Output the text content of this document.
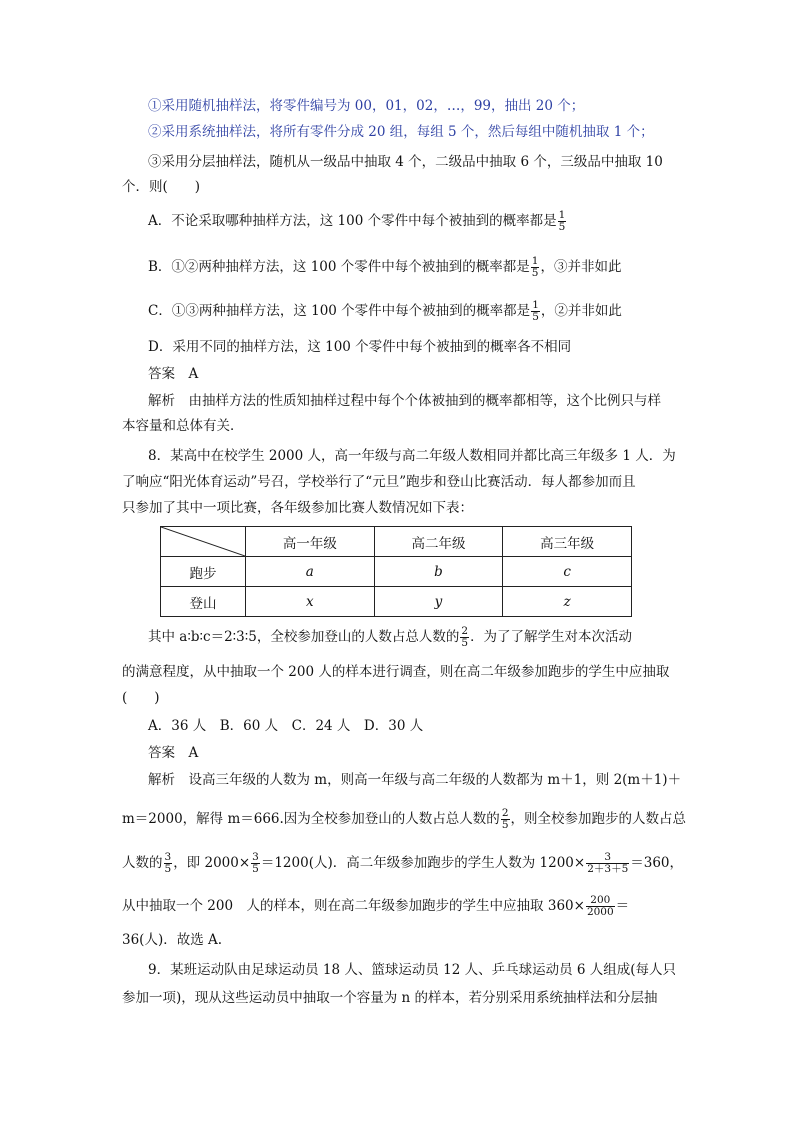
①采用随机抽样法，将零件编号为 00，01，02，…，99，抽出 20 个；
②采用系统抽样法，将所有零件分成 20 组，每组 5 个，然后每组中随机抽取 1 个；
③采用分层抽样法，随机从一级品中抽取 4 个，二级品中抽取 6 个，三级品中抽取 10
个．则(　　)
A．不论采取哪种抽样方法，这 100 个零件中每个被抽到的概率都是 $\frac{1}{5}$
B．①②两种抽样方法，这 100 个零件中每个被抽到的概率都是 $\frac{1}{5}$ ，③并非如此
C．①③两种抽样方法，这 100 个零件中每个被抽到的概率都是 $\frac{1}{5}$ ，②并非如此
D．采用不同的抽样方法，这 100 个零件中每个被抽到的概率各不相同
答案　A
解析　由抽样方法的性质知抽样过程中每个个体被抽到的概率都相等，这个比例只与样
本容量和总体有关．
8．某高中在校学生 2000 人，高一年级与高二年级人数相同并都比高三年级多 1 人．为
了响应“阳光体育运动”号召，学校举行了“元旦”跑步和登山比赛活动．每人都参加而且
只参加了其中一项比赛，各年级参加比赛人数情况如下表：
	高一年级	高二年级	高三年级
跑步	a	b	c
登山	x	y	z
其中 a∶b∶c＝2∶3∶5，全校参加登山的人数占总人数的 $\frac{2}{5}$ ．为了了解学生对本次活动
的满意程度，从中抽取一个 200 人的样本进行调查，则在高二年级参加跑步的学生中应抽取
(　　)
A．36 人　B．60 人　C．24 人　D．30 人
答案　A
解析　设高三年级的人数为 m，则高一年级与高二年级的人数都为 m＋1，则 2(m＋1)＋
m＝2000，解得 m＝666.因为全校参加登山的人数占总人数的 $\frac{2}{5}$ ，则全校参加跑步的人数占总
人数的 $\frac{3}{5}$ ，即 $2000\times \frac{3}{5} =1200$(人)．高二年级参加跑步的学生人数为 $1200\times \frac{3}{2+3+5} =360$，
从中抽取一个 200　人的样本，则在高二年级参加跑步的学生中应抽取 $360\times \frac{200}{2000}$ ＝
36(人)．故选 A.
9．某班运动队由足球运动员 18 人、篮球运动员 12 人、乒乓球运动员 6 人组成(每人只
参加一项)，现从这些运动员中抽取一个容量为 n 的样本，若分别采用系统抽样法和分层抽
